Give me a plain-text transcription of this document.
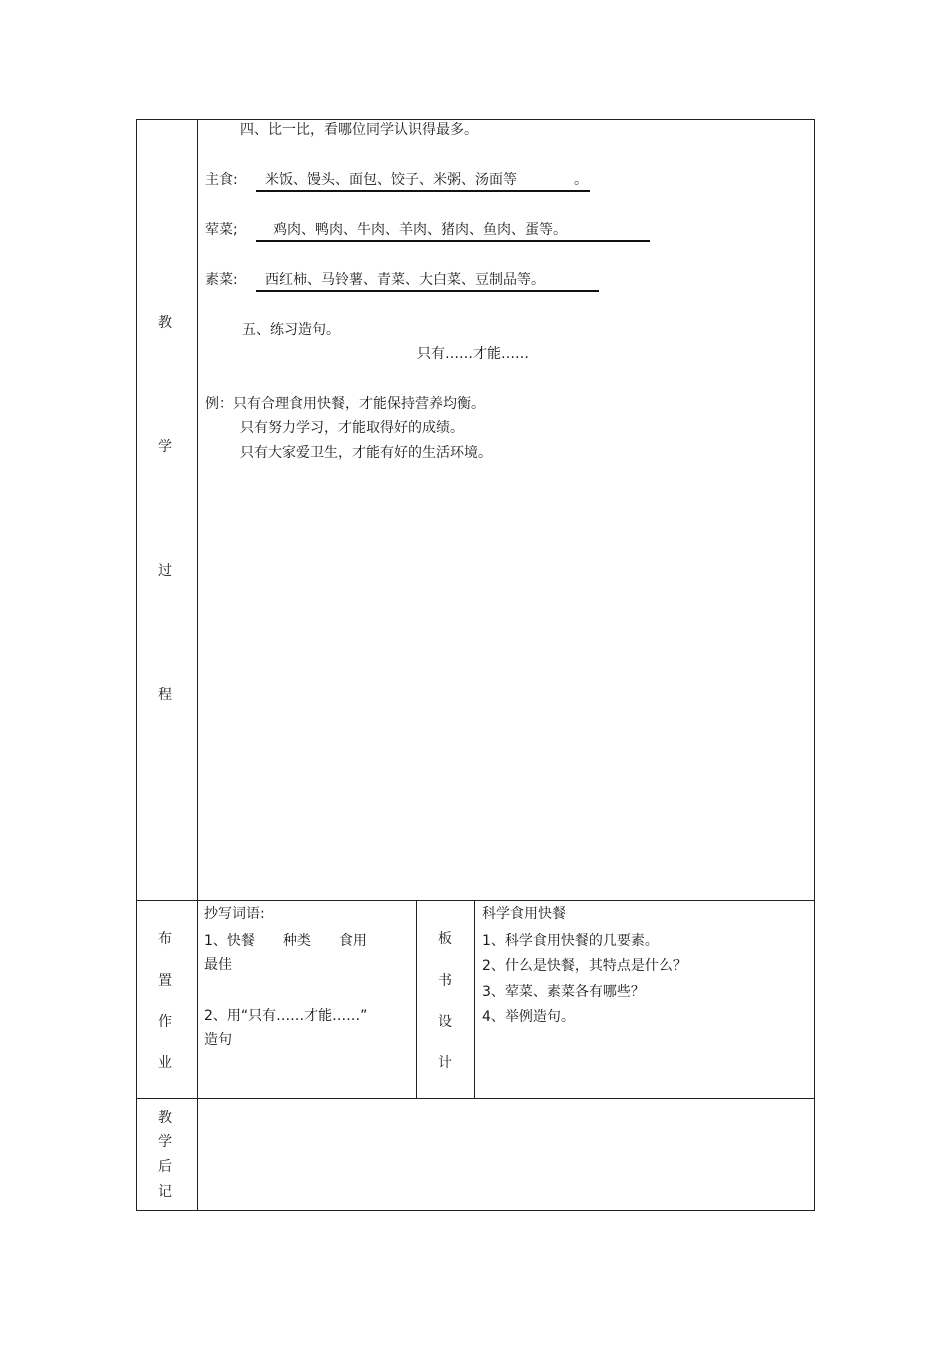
教
学
过
程
四、比一比，看哪位同学认识得最多。
主食: 米饭、馒头、面包、饺子、米粥、汤面等	。
荤菜;	鸡肉、鸭肉、牛肉、羊肉、猪肉、鱼肉、蛋等。
素菜: 西红柿、马铃薯、青菜、大白菜、豆制品等。
五、练习造句。
只有……才能……
例：只有合理食用快餐，才能保持营养均衡。
只有努力学习，才能取得好的成绩。
只有大家爱卫生，才能有好的生活环境。
布
置
作
业
抄写词语:
1、快餐　　种类　　食用
最佳
2、用“只有……才能……”
造句
板
书
设
计
科学食用快餐
1、科学食用快餐的几要素。
2、什么是快餐，其特点是什么？
3、荤菜、素菜各有哪些？
4、举例造句。
教
学
后
记
